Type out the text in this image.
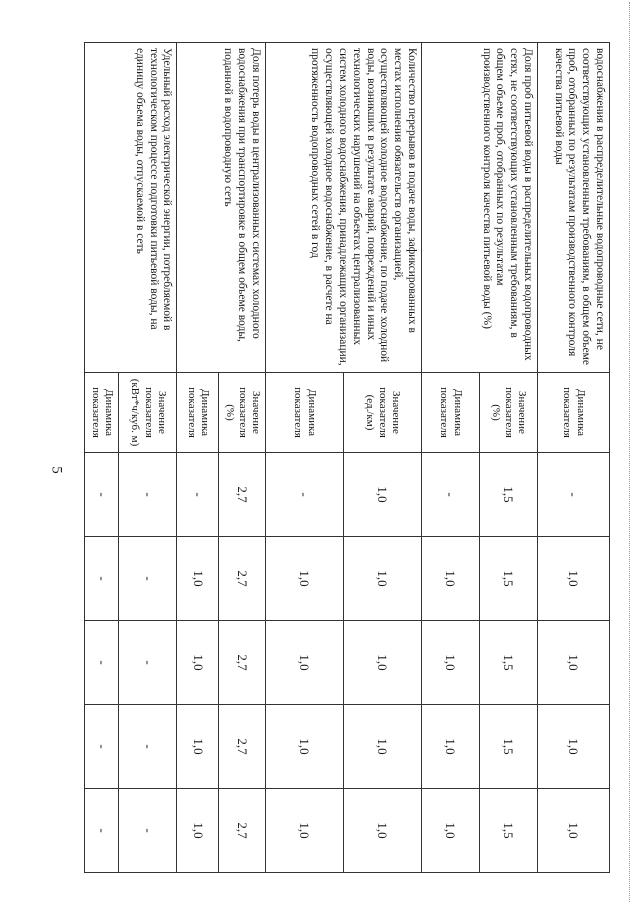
5
водоснабжения в распределительные водопроводные сети, не соответствующих установленным требованиям, в общем объеме проб, отобранных по результатам производственного контроля качества питьевой воды	Динамика показателя	-	1,0	1,0	1,0	1,0
Доля проб питьевой воды в распределительных водопроводных сетях, не соответствующих установленным требованиям, в общем объеме проб, отобранных по результатам производственного контроля качества питьевой воды (%)	Значение показателя (%)	1,5	1,5	1,5	1,5	1,5
	Динамика показателя	-	1,0	1,0	1,0	1,0
Количество перерывов в подаче воды, зафиксированных в местах исполнения обязательств организацией, осуществляющей холодное водоснабжение, по подаче холодной воды, возникших в результате аварий, повреждений и иных технологических нарушений на объектах централизованных систем холодного водоснабжения, принадлежащих организации, осуществляющей холодное водоснабжение, в расчете на протяженность водопроводных сетей в год	Значение показателя (ед./км)	1,0	1,0	1,0	1,0	1,0
	Динамика показателя	-	1,0	1,0	1,0	1,0
Доля потерь воды в централизованных системах холодного водоснабжения при транспортировке в общем объеме воды, поданной в водопроводную сеть	Значение показателя (%)	2,7	2,7	2,7	2,7	2,7
	Динамика показателя	-	1,0	1,0	1,0	1,0
Удельный расход электрической энергии, потребляемой в технологическом процессе подготовки питьевой воды, на единицу объема воды, отпускаемой в сеть	Значение показателя (кВт*ч/куб. м)	-	-	-	-	-
	Динамика показателя	-	-	-	-	-
